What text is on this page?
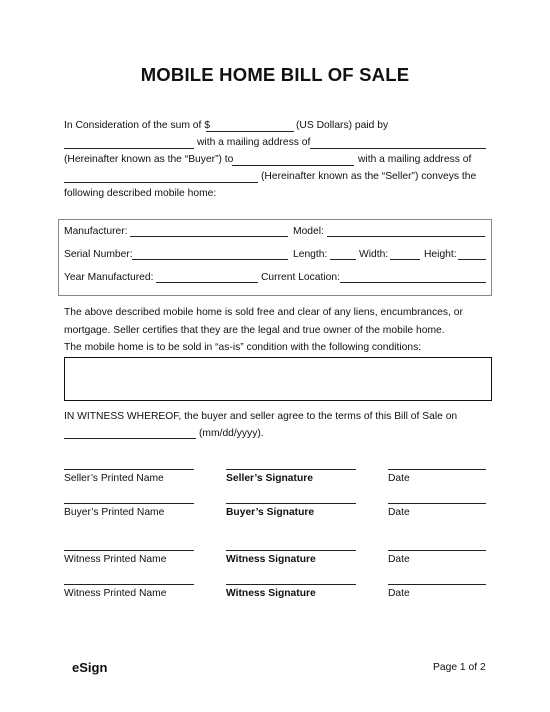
MOBILE HOME BILL OF SALE
In Consideration of the sum of $	(US Dollars) paid by
with a mailing address of
(Hereinafter known as the “Buyer”) to	with a mailing address of
(Hereinafter known as the “Seller”) conveys the
following described mobile home:
Manufacturer:	Model:
Serial Number:	Length:	Width:	Height:
Year Manufactured:	Current Location:
The above described mobile home is sold free and clear of any liens, encumbrances, or
mortgage. Seller certifies that they are the legal and true owner of the mobile home.
The mobile home is to be sold in “as-is” condition with the following conditions:
IN WITNESS WHEREOF, the buyer and seller agree to the terms of this Bill of Sale on
(mm/dd/yyyy).
Seller’s Printed Name	Seller’s Signature	Date
Buyer’s Printed Name	Buyer’s Signature	Date
Witness Printed Name	Witness Signature	Date
Witness Printed Name	Witness Signature	Date
eSign	Page 1 of 2
